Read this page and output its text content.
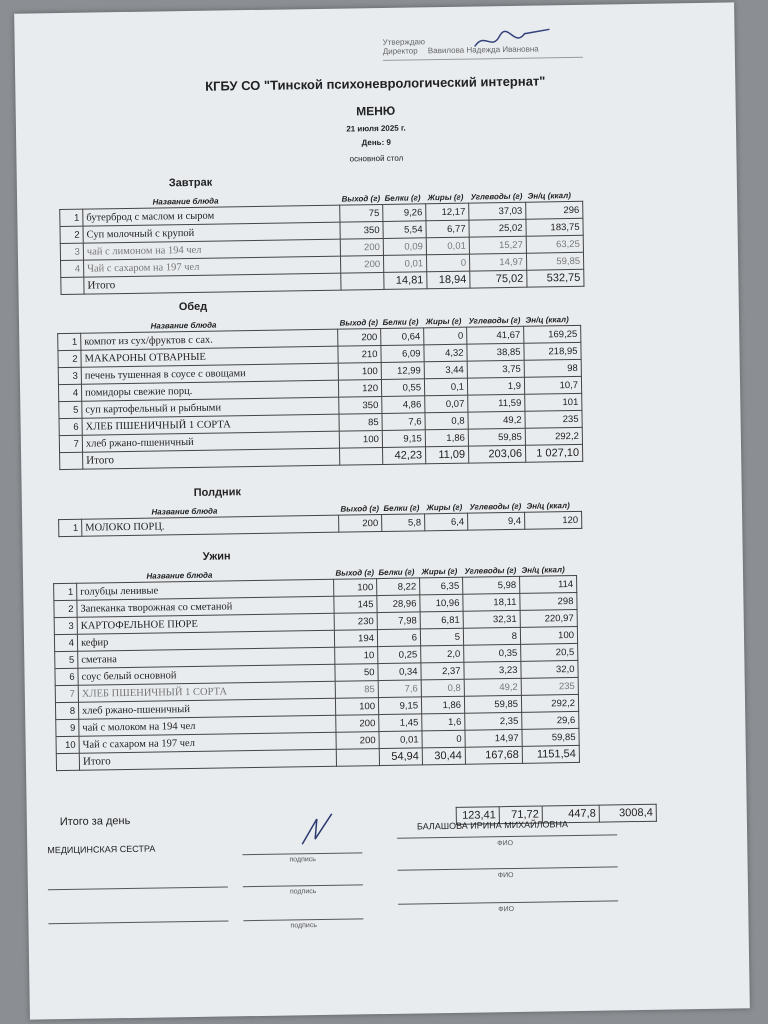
Утверждаю
Директор Вавилова Надежда Ивановна
КГБУ СО "Тинской психоневрологический интернат"
МЕНЮ
21 июля 2025 г.
День: 9
основной стол
Завтрак
	Название блюда	Выход (г)	Белки (г)	Жиры (г)	Углеводы (г)	Эн/ц (ккал)
1	бутерброд с маслом и сыром	75	9,26	12,17	37,03	296
2	Суп молочный с крупой	350	5,54	6,77	25,02	183,75
3	чай с лимоном на 194 чел	200	0,09	0,01	15,27	63,25
4	Чай с сахаром на 197 чел	200	0,01	0	14,97	59,85
	Итого		14,81	18,94	75,02	532,75
Обед
	Название блюда	Выход (г)	Белки (г)	Жиры (г)	Углеводы (г)	Эн/ц (ккал)
1	компот из сух/фруктов с сах.	200	0,64	0	41,67	169,25
2	МАКАРОНЫ ОТВАРНЫЕ	210	6,09	4,32	38,85	218,95
3	печень тушенная в соусе с овощами	100	12,99	3,44	3,75	98
4	помидоры свежие порц.	120	0,55	0,1	1,9	10,7
5	суп картофельный и рыбными	350	4,86	0,07	11,59	101
6	ХЛЕБ ПШЕНИЧНЫЙ 1 СОРТА	85	7,6	0,8	49,2	235
7	хлеб ржано-пшеничный	100	9,15	1,86	59,85	292,2
	Итого		42,23	11,09	203,06	1 027,10
Полдник
	Название блюда	Выход (г)	Белки (г)	Жиры (г)	Углеводы (г)	Эн/ц (ккал)
1	МОЛОКО ПОРЦ.	200	5,8	6,4	9,4	120
Ужин
	Название блюда	Выход (г)	Белки (г)	Жиры (г)	Углеводы (г)	Эн/ц (ккал)
1	голубцы ленивые	100	8,22	6,35	5,98	114
2	Запеканка творожная со сметаной	145	28,96	10,96	18,11	298
3	КАРТОФЕЛЬНОЕ ПЮРЕ	230	7,98	6,81	32,31	220,97
4	кефир	194	6	5	8	100
5	сметана	10	0,25	2,0	0,35	20,5
6	соус белый основной	50	0,34	2,37	3,23	32,0
7	ХЛЕБ ПШЕНИЧНЫЙ 1 СОРТА	85	7,6	0,8	49,2	235
8	хлеб ржано-пшеничный	100	9,15	1,86	59,85	292,2
9	чай с молоком на 194 чел	200	1,45	1,6	2,35	29,6
10	Чай с сахаром на 197 чел	200	0,01	0	14,97	59,85
	Итого		54,94	30,44	167,68	1151,54
Итого за день		123,41	71,72	447,8	3008,4
МЕДИЦИНСКАЯ СЕСТРА
БАЛАШОВА ИРИНА МИХАЙЛОВНА
подпись
ФИО
подпись
ФИО
подпись
ФИО
